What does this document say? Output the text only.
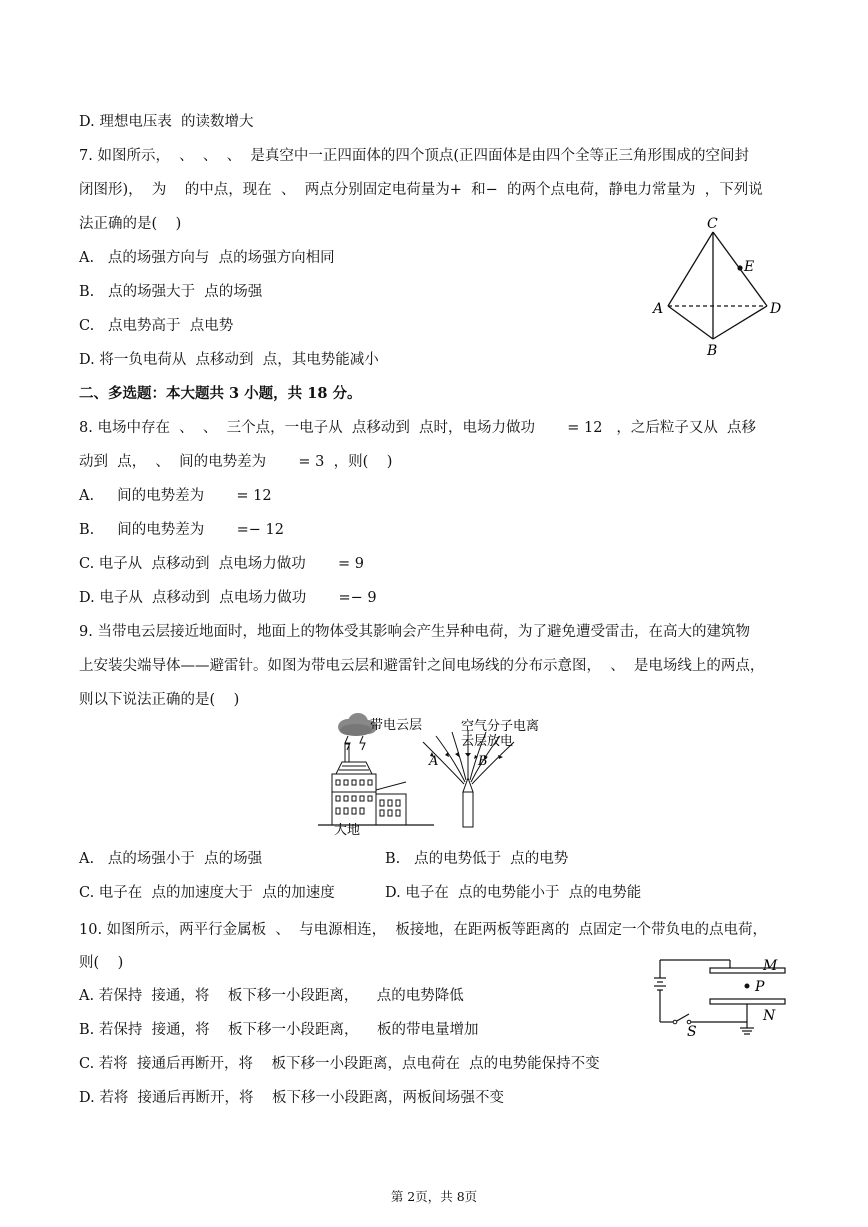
D. 理想电压表  的读数增大
7. 如图所示，  、  、  、  是真空中一正四面体的四个顶点(正四面体是由四个全等正三角形围成的空间封
闭图形)，  为    的中点，现在  、  两点分别固定电荷量为+  和−  的两个点电荷，静电力常量为  ，下列说
法正确的是(    )
A.   点的场强方向与  点的场强方向相同
B.   点的场强大于  点的场强
C.   点电势高于  点电势
D. 将一负电荷从  点移动到  点，其电势能减小
二、多选题：本大题共 3 小题，共 18 分。
8. 电场中存在  、  、  三个点，一电子从  点移动到  点时，电场力做功       = 12   ，之后粒子又从  点移
动到  点，  、  间的电势差为       = 3  ，则(    )
A.     间的电势差为       = 12
B.     间的电势差为       =− 12
C. 电子从  点移动到  点电场力做功       = 9
D. 电子从  点移动到  点电场力做功       =− 9
9. 当带电云层接近地面时，地面上的物体受其影响会产生异种电荷，为了避免遭受雷击，在高大的建筑物
上安装尖端导体——避雷针。如图为带电云层和避雷针之间电场线的分布示意图，  、  是电场线上的两点，
则以下说法正确的是(    )
A.   点的场强小于  点的场强	B.   点的电势低于  点的电势
C. 电子在  点的加速度大于  点的加速度	D. 电子在  点的电势能小于  点的电势能
10. 如图所示，两平行金属板  、  与电源相连，  板接地，在距两板等距离的  点固定一个带负电的点电荷，
则(    )
A. 若保持  接通，将    板下移一小段距离，    点的电势降低
B. 若保持  接通，将    板下移一小段距离，    板的带电量增加
C. 若将  接通后再断开，将    板下移一小段距离，点电荷在  点的电势能保持不变
D. 若将  接通后再断开，将    板下移一小段距离，两板间场强不变
C
E
A	D
B
带电云层
大地
空气分子电离
云层放电
A	B
M
P
N
S
第 2页，共 8页
